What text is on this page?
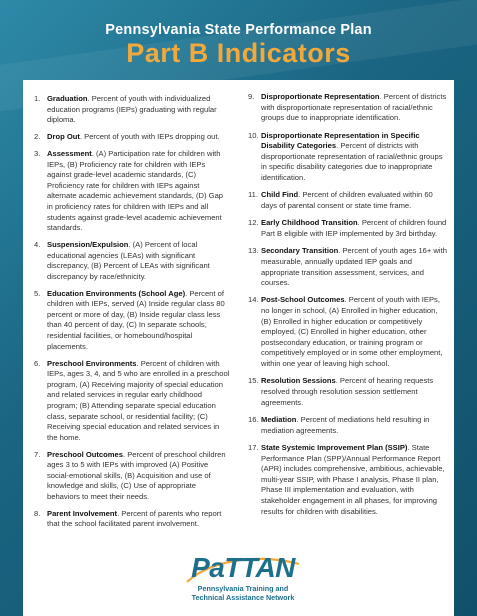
Pennsylvania State Performance Plan
Part B Indicators
1. Graduation. Percent of youth with individualized education programs (IEPs) graduating with regular diploma.
2. Drop Out. Percent of youth with IEPs dropping out.
3. Assessment. (A) Participation rate for children with IEPs, (B) Proficiency rate for children with IEPs against grade-level academic standards, (C) Proficiency rate for children with IEPs against alternate academic achievement standards, (D) Gap in proficiency rates for children with IEPs and all students against grade-level academic achievement standards.
4. Suspension/Expulsion. (A) Percent of local educational agencies (LEAs) with significant discrepancy, (B) Percent of LEAs with significant discrepancy by race/ethnicity.
5. Education Environments (School Age). Percent of children with IEPs, served (A) Inside regular class 80 percent or more of day, (B) Inside regular class less than 40 percent of day, (C) In separate schools, residential facilities, or homebound/hospital placements.
6. Preschool Environments. Percent of children with IEPs, ages 3, 4, and 5 who are enrolled in a preschool program, (A) Receiving majority of special education and related services in regular early childhood program; (B) Attending separate special education class, separate school, or residential facility; (C) Receiving special education and related services in the home.
7. Preschool Outcomes. Percent of preschool children ages 3 to 5 with IEPs with improved (A) Positive social-emotional skills, (B) Acquisition and use of knowledge and skills, (C) Use of appropriate behaviors to meet their needs.
8. Parent Involvement. Percent of parents who report that the school facilitated parent involvement.
9. Disproportionate Representation. Percent of districts with disproportionate representation of racial/ethnic groups due to inappropriate identification.
10. Disproportionate Representation in Specific Disability Categories. Percent of districts with disproportionate representation of racial/ethnic groups in specific disability categories due to inappropriate identification.
11. Child Find. Percent of children evaluated within 60 days of parental consent or state time frame.
12. Early Childhood Transition. Percent of children found Part B eligible with IEP implemented by 3rd birthday.
13. Secondary Transition. Percent of youth ages 16+ with measurable, annually updated IEP goals and appropriate transition assessment, services, and courses.
14. Post-School Outcomes. Percent of youth with IEPs, no longer in school, (A) Enrolled in higher education, (B) Enrolled in higher education or competitively employed, (C) Enrolled in higher education, other postsecondary education, or training program or competitively employed or in some other employment, within one year of leaving high school.
15. Resolution Sessions. Percent of hearing requests resolved through resolution session settlement agreements.
16. Mediation. Percent of mediations held resulting in mediation agreements.
17. State Systemic Improvement Plan (SSIP). State Performance Plan (SPP)/Annual Performance Report (APR) includes comprehensive, ambitious, achievable, multi-year SSIP, with Phase I analysis, Phase II plan, Phase III implementation and evaluation, with stakeholder engagement in all phases, for improving results for children with disabilities.
PaTTAN
Pennsylvania Training and
Technical Assistance Network
